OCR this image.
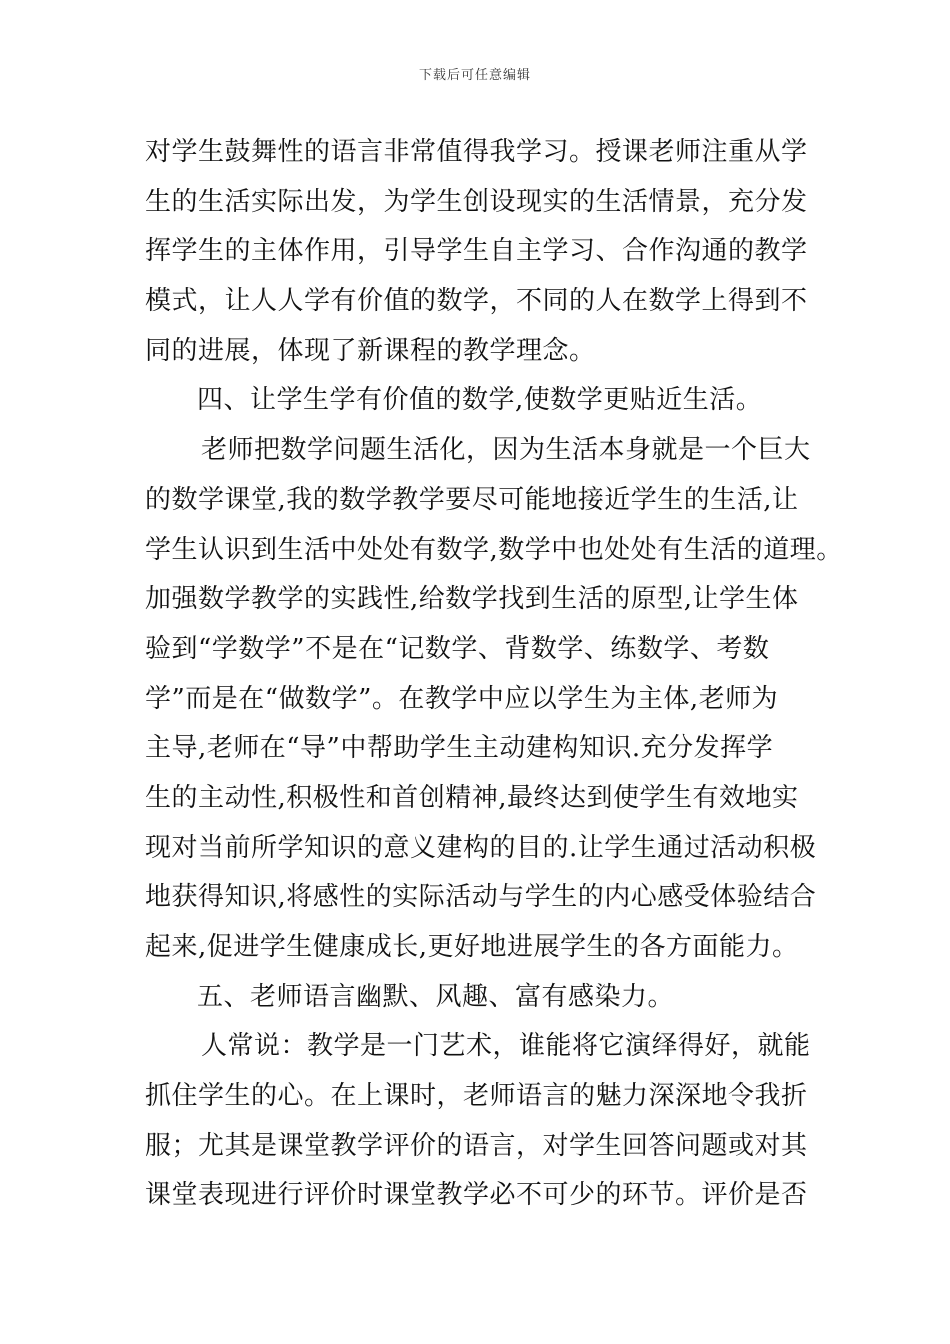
下载后可任意编辑
对学生鼓舞性的语言非常值得我学习。授课老师注重从学
生的生活实际出发，为学生创设现实的生活情景，充分发
挥学生的主体作用，引导学生自主学习、合作沟通的教学
模式，让人人学有价值的数学，不同的人在数学上得到不
同的进展，体现了新课程的教学理念。
四、让学生学有价值的数学,使数学更贴近生活。
老师把数学问题生活化，因为生活本身就是一个巨大
的数学课堂,我的数学教学要尽可能地接近学生的生活,让
学生认识到生活中处处有数学,数学中也处处有生活的道理。
加强数学教学的实践性,给数学找到生活的原型,让学生体
验到“学数学”不是在“记数学、背数学、练数学、考数
学”而是在“做数学”。在教学中应以学生为主体,老师为
主导,老师在“导”中帮助学生主动建构知识.充分发挥学
生的主动性,积极性和首创精神,最终达到使学生有效地实
现对当前所学知识的意义建构的目的.让学生通过活动积极
地获得知识,将感性的实际活动与学生的内心感受体验结合
起来,促进学生健康成长,更好地进展学生的各方面能力。
五、老师语言幽默、风趣、富有感染力。
人常说：教学是一门艺术，谁能将它演绎得好，就能
抓住学生的心。在上课时，老师语言的魅力深深地令我折
服；尤其是课堂教学评价的语言，对学生回答问题或对其
课堂表现进行评价时课堂教学必不可少的环节。评价是否
